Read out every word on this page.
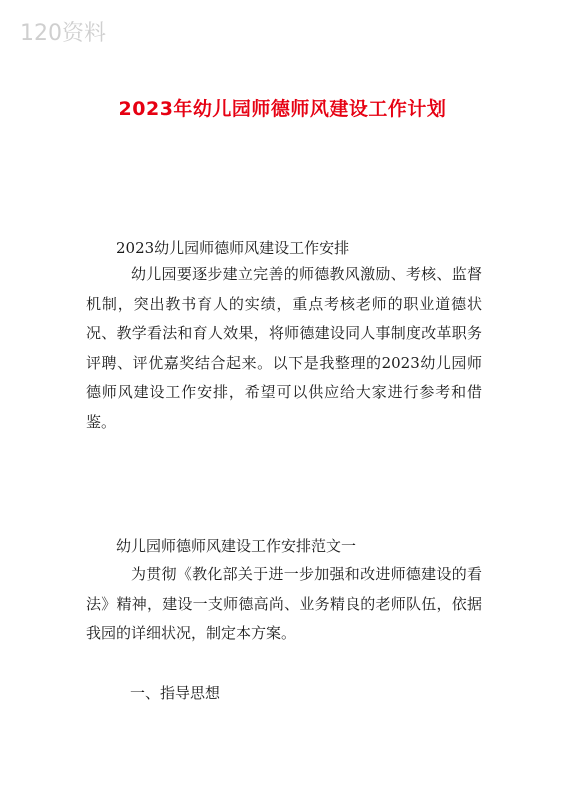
120资料
2023年幼儿园师德师风建设工作计划
2023幼儿园师德师风建设工作安排
幼儿园要逐步建立完善的师德教风激励、考核、监督机制，突出教书育人的实绩，重点考核老师的职业道德状况、教学看法和育人效果，将师德建设同人事制度改革职务评聘、评优嘉奖结合起来。以下是我整理的2023幼儿园师德师风建设工作安排，希望可以供应给大家进行参考和借鉴。
幼儿园师德师风建设工作安排范文一
为贯彻《教化部关于进一步加强和改进师德建设的看法》精神，建设一支师德高尚、业务精良的老师队伍，依据我园的详细状况，制定本方案。
一、指导思想
